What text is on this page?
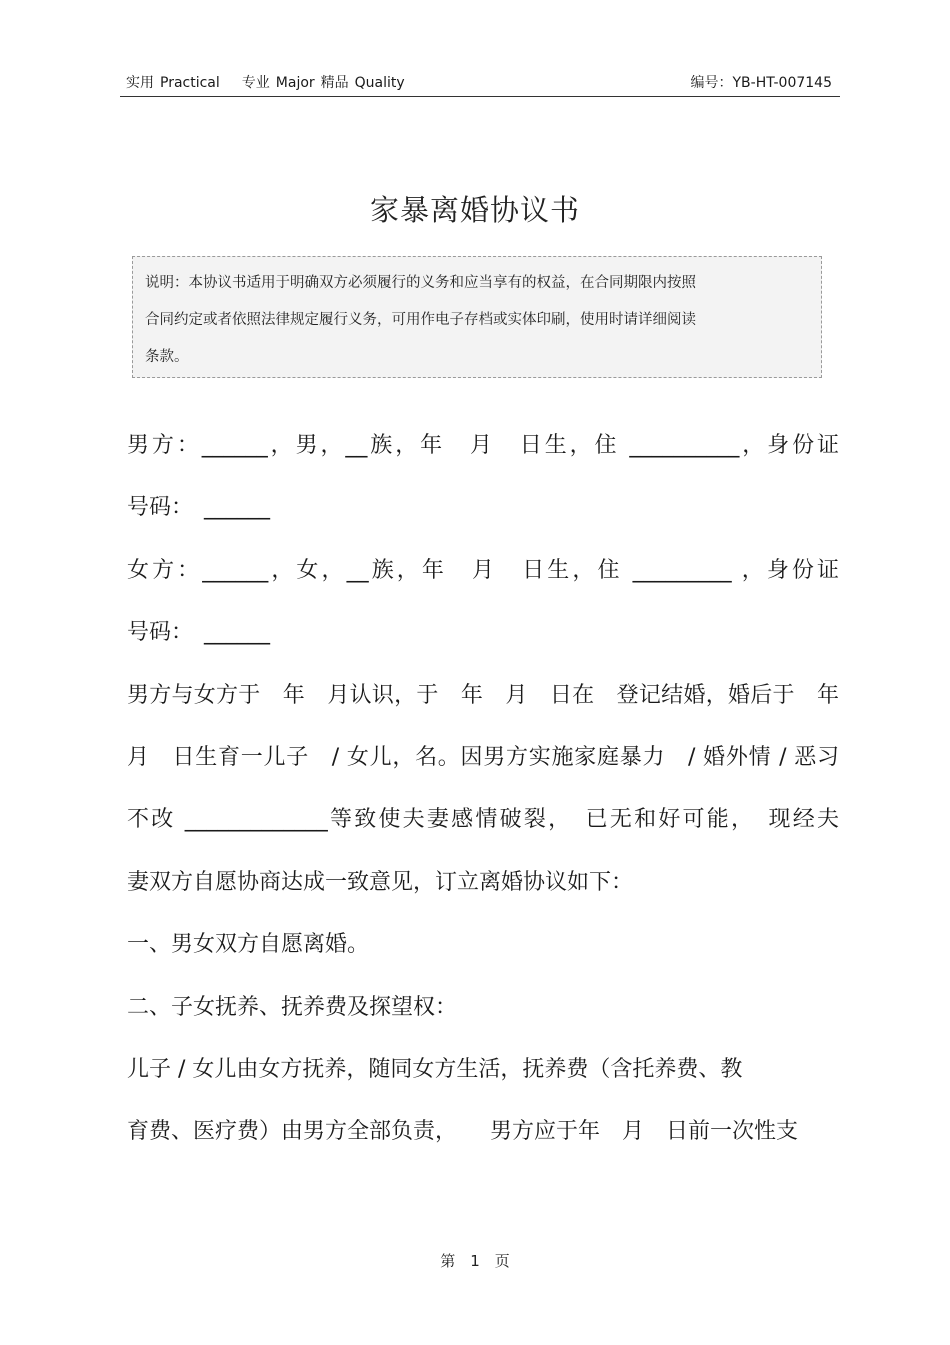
实用 Practical 专业 Major 精品 Quality	编号：YB-HT-007145
家暴离婚协议书

说明：本协议书适用于明确双方必须履行的义务和应当享有的权益，在合同期限内按照

合同约定或者依照法律规定履行义务，可用作电子存档或实体印刷，使用时请详细阅读

条款。

男方：______，男，__族，年　月　日生，住 __________，身份证
号码：　______
女方：______，女，__族，年　月　日生，住 _________ ，身份证
号码：　______
男方与女方于　年　月认识，于　年　月　日在　登记结婚，婚后于　年
月　日生育一儿子　/ 女儿，名。因男方实施家庭暴力　/ 婚外情 / 恶习
不改 _____________等致使夫妻感情破裂，　已无和好可能，　现经夫
妻双方自愿协商达成一致意见，订立离婚协议如下：
一、男女双方自愿离婚。
二、子女抚养、抚养费及探望权：
儿子 / 女儿由女方抚养，随同女方生活，抚养费（含托养费、教
育费、医疗费）由男方全部负责，　　男方应于年　月　日前一次性支
第　1　页
